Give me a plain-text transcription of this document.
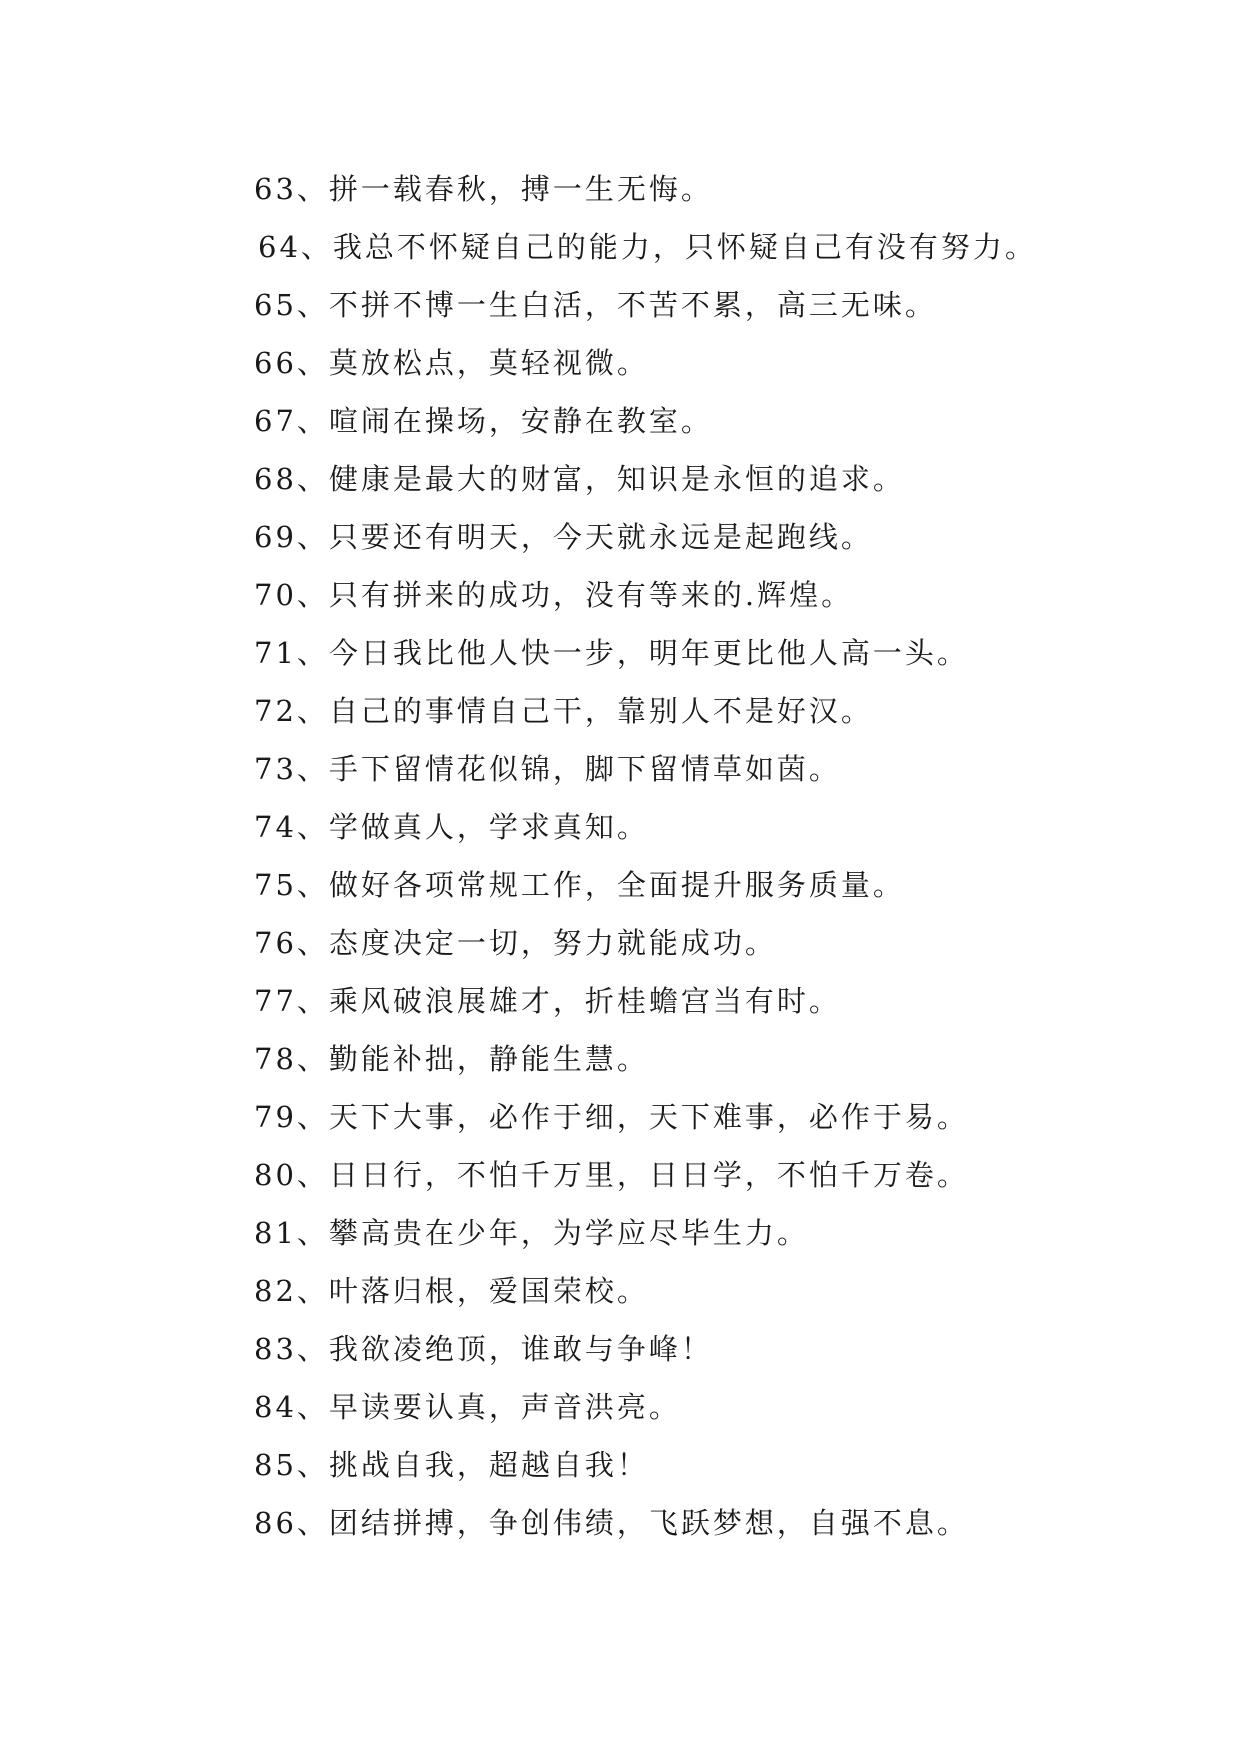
63、拼一载春秋，搏一生无悔。
64、我总不怀疑自己的能力，只怀疑自己有没有努力。
65、不拼不博一生白活，不苦不累，高三无味。
66、莫放松点，莫轻视微。
67、喧闹在操场，安静在教室。
68、健康是最大的财富，知识是永恒的追求。
69、只要还有明天，今天就永远是起跑线。
70、只有拼来的成功，没有等来的.辉煌。
71、今日我比他人快一步，明年更比他人高一头。
72、自己的事情自己干，靠别人不是好汉。
73、手下留情花似锦，脚下留情草如茵。
74、学做真人，学求真知。
75、做好各项常规工作，全面提升服务质量。
76、态度决定一切，努力就能成功。
77、乘风破浪展雄才，折桂蟾宫当有时。
78、勤能补拙，静能生慧。
79、天下大事，必作于细，天下难事，必作于易。
80、日日行，不怕千万里，日日学，不怕千万卷。
81、攀高贵在少年，为学应尽毕生力。
82、叶落归根，爱国荣校。
83、我欲凌绝顶，谁敢与争峰！
84、早读要认真，声音洪亮。
85、挑战自我，超越自我！
86、团结拼搏，争创伟绩，飞跃梦想，自强不息。
